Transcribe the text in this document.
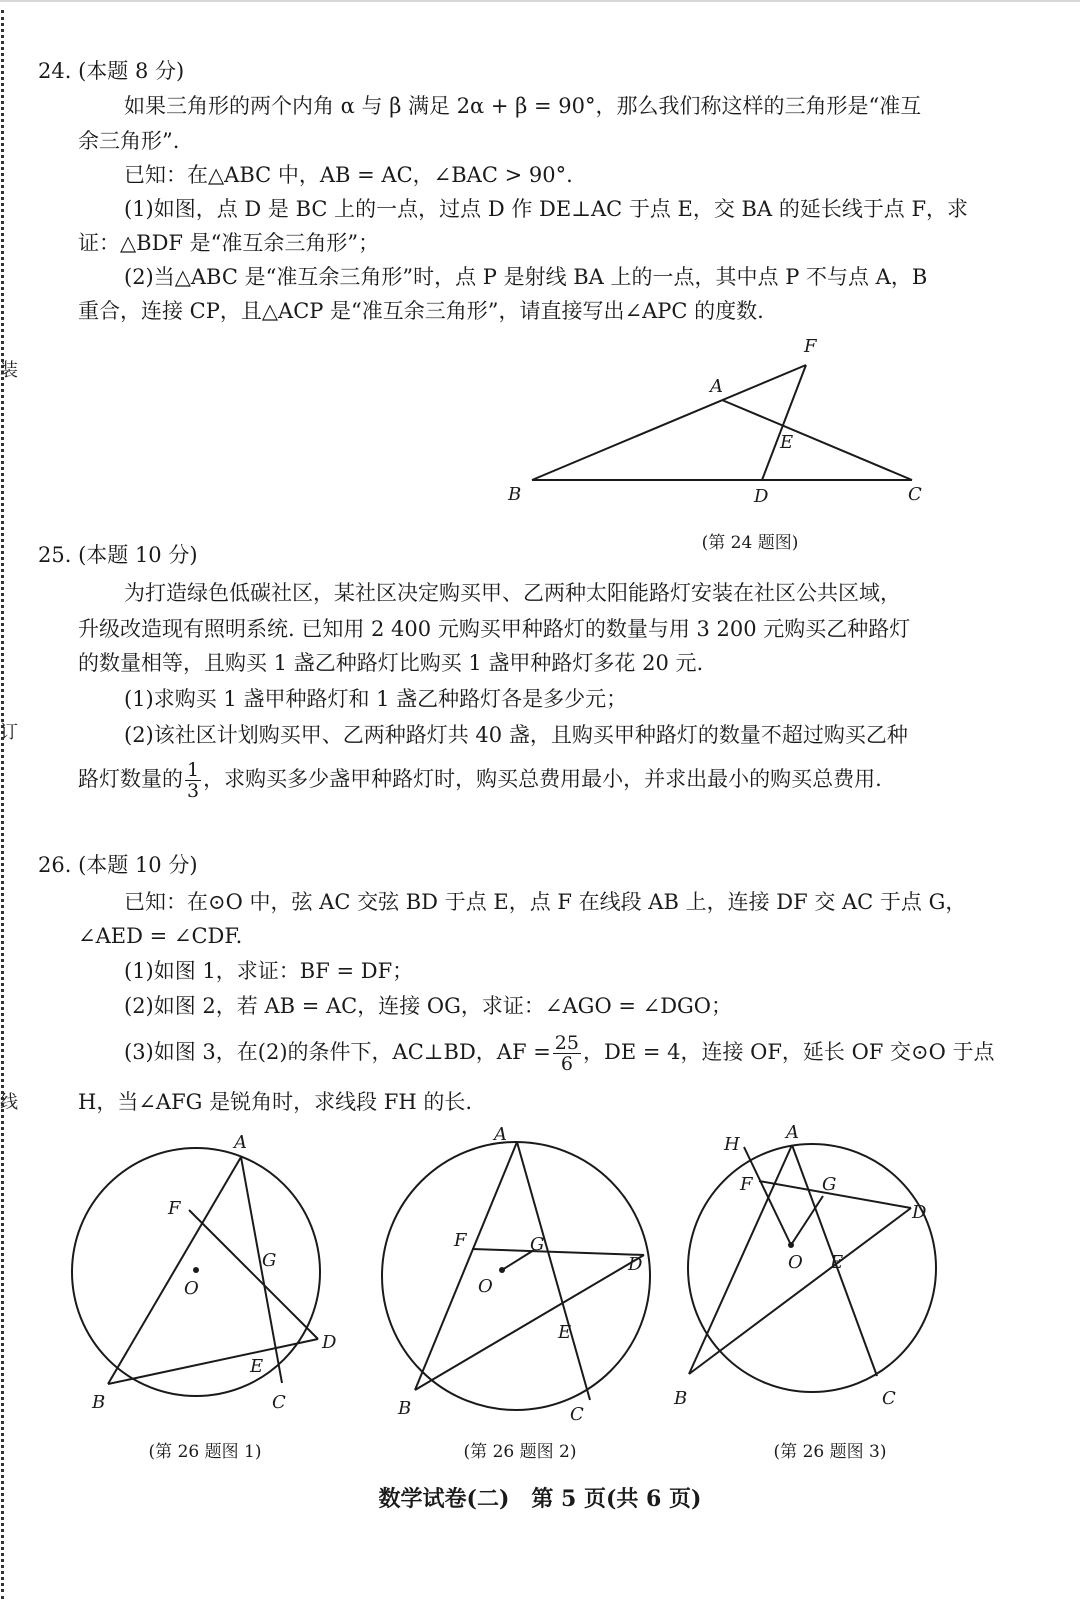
装
订
线
24. (本题 8 分)
如果三角形的两个内角 α 与 β 满足 2α + β = 90°，那么我们称这样的三角形是“准互
余三角形”.
已知：在△ABC 中，AB = AC，∠BAC > 90°.
(1)如图，点 D 是 BC 上的一点，过点 D 作 DE⊥AC 于点 E，交 BA 的延长线于点 F，求
证：△BDF 是“准互余三角形”；
(2)当△ABC 是“准互余三角形”时，点 P 是射线 BA 上的一点，其中点 P 不与点 A，B
重合，连接 CP，且△ACP 是“准互余三角形”，请直接写出∠APC 的度数.
A
B	C
D
E
F
(第 24 题图)
25. (本题 10 分)
为打造绿色低碳社区，某社区决定购买甲、乙两种太阳能路灯安装在社区公共区域，
升级改造现有照明系统. 已知用 2 400 元购买甲种路灯的数量与用 3 200 元购买乙种路灯
的数量相等，且购买 1 盏乙种路灯比购买 1 盏甲种路灯多花 20 元.
(1)求购买 1 盏甲种路灯和 1 盏乙种路灯各是多少元；
(2)该社区计划购买甲、乙两种路灯共 40 盏，且购买甲种路灯的数量不超过购买乙种
路灯数量的 $\frac{1}{3}$ ，求购买多少盏甲种路灯时，购买总费用最小，并求出最小的购买总费用.
26. (本题 10 分)
已知：在⊙O 中，弦 AC 交弦 BD 于点 E，点 F 在线段 AB 上，连接 DF 交 AC 于点 G，
∠AED = ∠CDF.
(1)如图 1，求证：BF = DF；
(2)如图 2，若 AB = AC，连接 OG，求证：∠AGO = ∠DGO；
(3)如图 3，在(2)的条件下，AC⊥BD，AF = $\frac{25}{6}$ ，DE = 4，连接 OF，延长 OF 交⊙O 于点
H，当∠AFG 是锐角时，求线段 FH 的长.
A
B	C
D
E
F
G
O
A
B	C
D
E
F	G
O
A
B	C
D
E
F	G
H
O
(第 26 题图 1)	(第 26 题图 2)	(第 26 题图 3)
数学试卷(二)　第 5 页(共 6 页)
